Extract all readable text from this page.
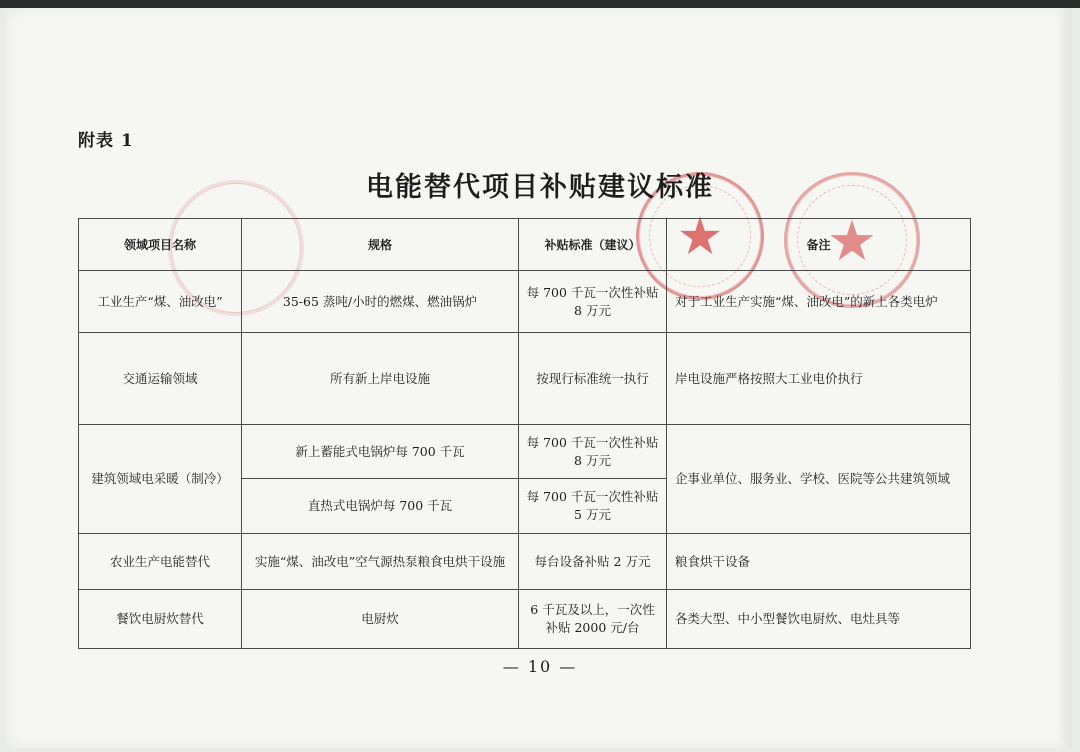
★	★
附表 1
电能替代项目补贴建议标准
领域项目名称	规格	补贴标准（建议）	备注
工业生产“煤、油改电”	35-65 蒸吨/小时的燃煤、燃油锅炉	每 700 千瓦一次性补贴 8 万元	对于工业生产实施“煤、油改电”的新上各类电炉
交通运输领域	所有新上岸电设施	按现行标准统一执行	岸电设施严格按照大工业电价执行
建筑领域电采暖（制冷）	新上蓄能式电锅炉每 700 千瓦	每 700 千瓦一次性补贴 8 万元	企事业单位、服务业、学校、医院等公共建筑领域
	直热式电锅炉每 700 千瓦	每 700 千瓦一次性补贴 5 万元	
农业生产电能替代	实施“煤、油改电”空气源热泵粮食电烘干设施	每台设备补贴 2 万元	粮食烘干设备
餐饮电厨炊替代	电厨炊	6 千瓦及以上，一次性补贴 2000 元/台	各类大型、中小型餐饮电厨炊、电灶具等
— 10 —
